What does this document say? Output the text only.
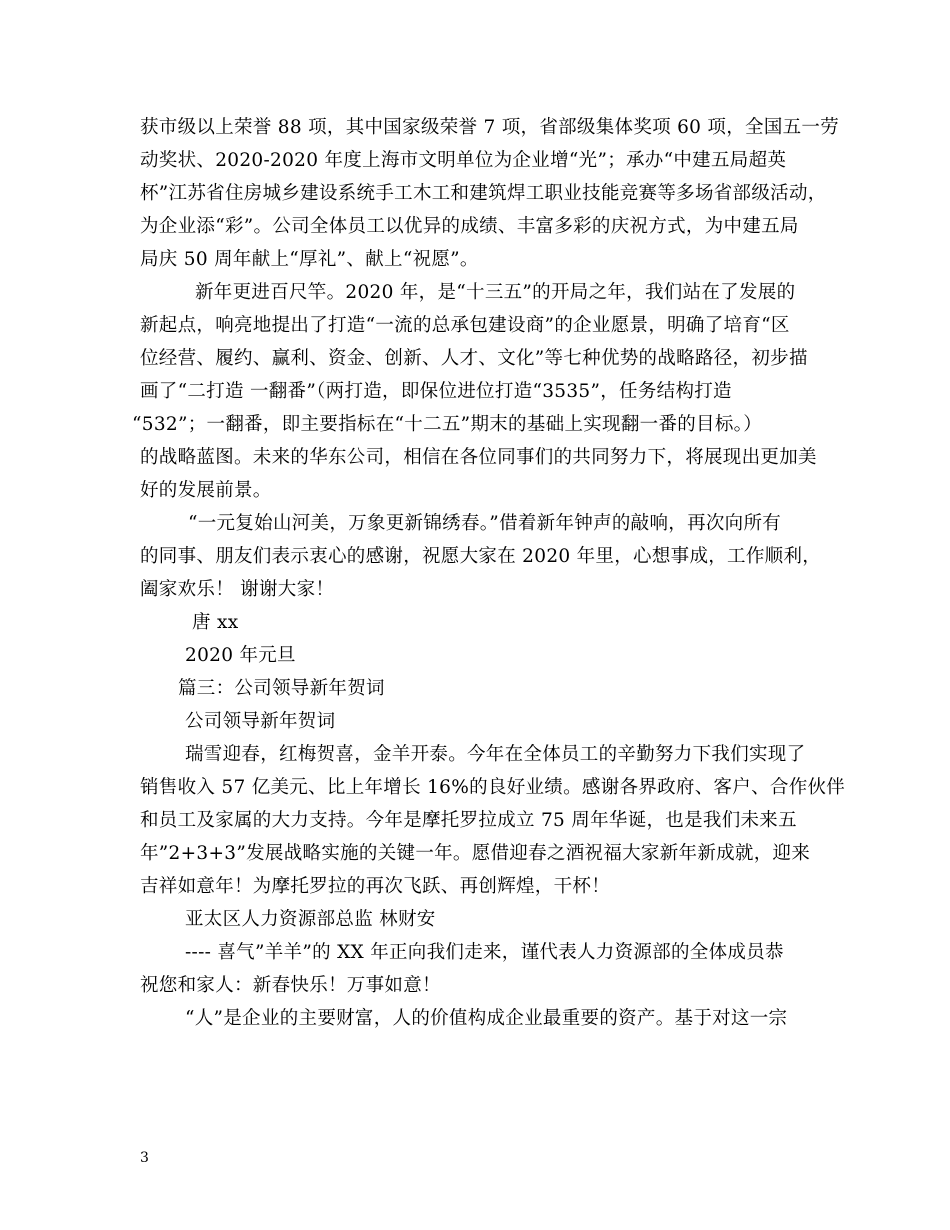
获市级以上荣誉 88 项，其中国家级荣誉 7 项，省部级集体奖项 60 项，全国五一劳
动奖状、2020-2020 年度上海市文明单位为企业增“光”；承办“中建五局超英
杯”江苏省住房城乡建设系统手工木工和建筑焊工职业技能竞赛等多场省部级活动，
为企业添“彩”。公司全体员工以优异的成绩、丰富多彩的庆祝方式，为中建五局
局庆 50 周年献上“厚礼”、献上“祝愿”。
新年更进百尺竿。2020 年，是“十三五”的开局之年，我们站在了发展的
新起点，响亮地提出了打造“一流的总承包建设商”的企业愿景，明确了培育“区
位经营、履约、赢利、资金、创新、人才、文化”等七种优势的战略路径，初步描
画了“二打造 一翻番”（两打造，即保位进位打造“3535”，任务结构打造
“532”；一翻番，即主要指标在“十二五”期末的基础上实现翻一番的目标。）
的战略蓝图。未来的华东公司，相信在各位同事们的共同努力下，将展现出更加美
好的发展前景。
“一元复始山河美，万象更新锦绣春。”借着新年钟声的敲响，再次向所有
的同事、朋友们表示衷心的感谢，祝愿大家在 2020 年里，心想事成，工作顺利，
阖家欢乐！ 谢谢大家！
唐 xx
2020 年元旦
篇三：公司领导新年贺词
公司领导新年贺词
瑞雪迎春，红梅贺喜，金羊开泰。今年在全体员工的辛勤努力下我们实现了
销售收入 57 亿美元、比上年增长 16%的良好业绩。感谢各界政府、客户、合作伙伴
和员工及家属的大力支持。今年是摩托罗拉成立 75 周年华诞，也是我们未来五
年”2+3+3”发展战略实施的关键一年。愿借迎春之酒祝福大家新年新成就，迎来
吉祥如意年！为摩托罗拉的再次飞跃、再创辉煌，干杯！
亚太区人力资源部总监 林财安
---- 喜气”羊羊”的 XX 年正向我们走来，谨代表人力资源部的全体成员恭
祝您和家人：新春快乐！万事如意！
“人”是企业的主要财富，人的价值构成企业最重要的资产。基于对这一宗
3
